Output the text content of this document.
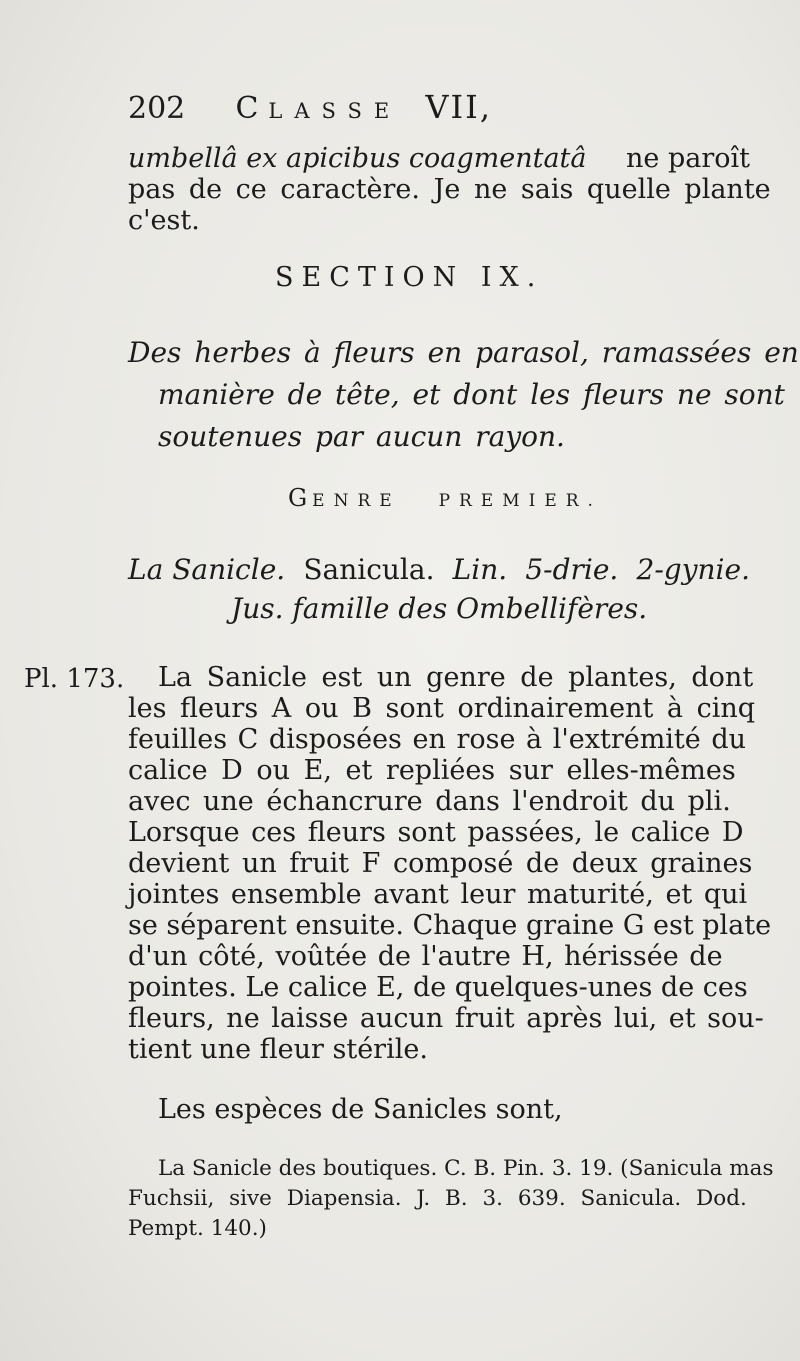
202 CLASSE VII,
umbellâ ex apicibus coagmentatâ ne paroît
pas de ce caractère. Je ne sais quelle plante
c'est.
SECTION IX.
Des herbes à fleurs en parasol, ramassées en
manière de tête, et dont les fleurs ne sont
soutenues par aucun rayon.
GENRE PREMIER.
La Sanicle. Sanicula. Lin. 5-drie. 2-gynie.
Jus. famille des Ombellifères.
Pl. 173. La Sanicle est un genre de plantes, dont
les fleurs A ou B sont ordinairement à cinq
feuilles C disposées en rose à l'extrémité du
calice D ou E, et repliées sur elles-mêmes
avec une échancrure dans l'endroit du pli.
Lorsque ces fleurs sont passées, le calice D
devient un fruit F composé de deux graines
jointes ensemble avant leur maturité, et qui
se séparent ensuite. Chaque graine G est plate
d'un côté, voûtée de l'autre H, hérissée de
pointes. Le calice E, de quelques-unes de ces
fleurs, ne laisse aucun fruit après lui, et sou-
tient une fleur stérile.
Les espèces de Sanicles sont,
La Sanicle des boutiques. C. B. Pin. 3. 19. (Sanicula mas
Fuchsii, sive Diapensia. J. B. 3. 639. Sanicula. Dod.
Pempt. 140.)
